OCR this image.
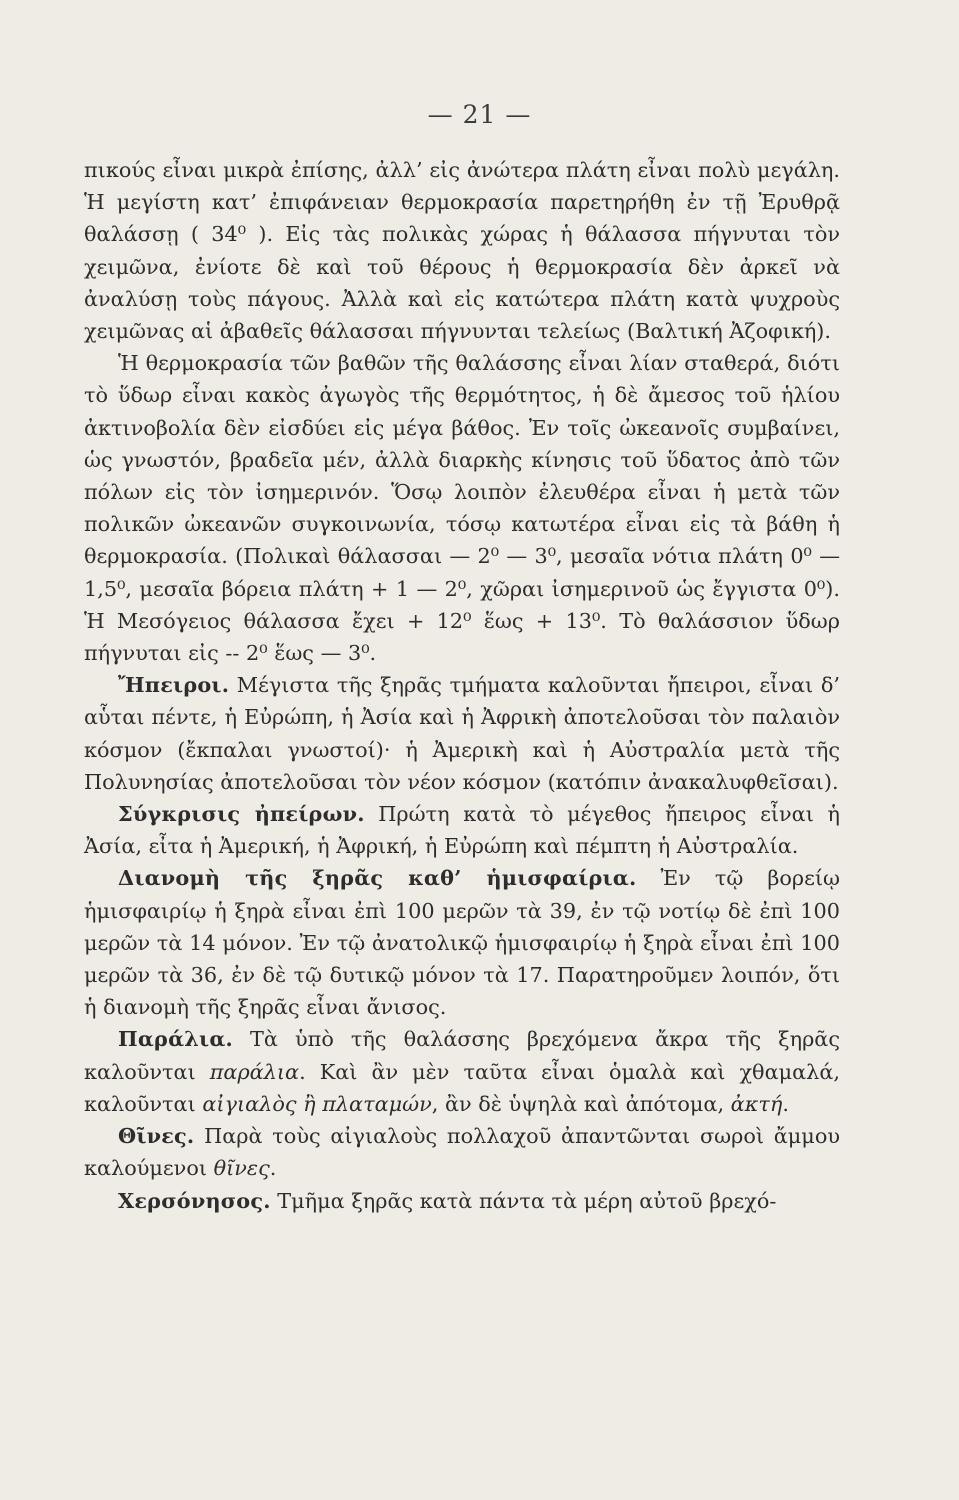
— 21 —

πικούς εἶναι μικρὰ ἐπίσης, ἀλλ’ εἰς ἀνώτερα πλάτη εἶναι πολὺ μεγάλη. Ἡ μεγίστη κατ’ ἐπιφάνειαν θερμοκρασία παρετηρήθη ἐν τῇ Ἐρυθρᾷ θαλάσσῃ ( 34⁰ ). Εἰς τὰς πολικὰς χώρας ἡ θάλασσα πήγνυται τὸν χειμῶνα, ἐνίοτε δὲ καὶ τοῦ θέρους ἡ θερμοκρασία δὲν ἀρκεῖ νὰ ἀναλύσῃ τοὺς πάγους. Ἀλλὰ καὶ εἰς κατώτερα πλάτη κατὰ ψυχροὺς χειμῶνας αἱ ἀβαθεῖς θάλασσαι πήγνυνται τελείως (Βαλτική Ἀζοφική).

Ἡ θερμοκρασία τῶν βαθῶν τῆς θαλάσσης εἶναι λίαν σταθερά, διότι τὸ ὕδωρ εἶναι κακὸς ἀγωγὸς τῆς θερμότητος, ἡ δὲ ἄμεσος τοῦ ἡλίου ἀκτινοβολία δὲν εἰσδύει εἰς μέγα βάθος. Ἐν τοῖς ὠκεανοῖς συμβαίνει, ὡς γνωστόν, βραδεῖα μέν, ἀλλὰ διαρκὴς κίνησις τοῦ ὕδατος ἀπὸ τῶν πόλων εἰς τὸν ἰσημερινόν. Ὅσῳ λοιπὸν ἐλευθέρα εἶναι ἡ μετὰ τῶν πολικῶν ὠκεανῶν συγκοινωνία, τόσῳ κατωτέρα εἶναι εἰς τὰ βάθη ἡ θερμοκρασία. (Πολικαὶ θάλασσαι — 2⁰ — 3⁰, μεσαῖα νότια πλάτη 0⁰ — 1,5⁰, μεσαῖα βόρεια πλάτη + 1 — 2⁰, χῶραι ἰσημερινοῦ ὡς ἔγγιστα 0⁰). Ἡ Μεσόγειος θάλασσα ἔχει + 12⁰ ἕως + 13⁰. Τὸ θαλάσσιον ὕδωρ πήγνυται εἰς -- 2⁰ ἕως — 3⁰.

Ἤπειροι. Μέγιστα τῆς ξηρᾶς τμήματα καλοῦνται ἤπειροι, εἶναι δ’ αὗται πέντε, ἡ Εὐρώπη, ἡ Ἀσία καὶ ἡ Ἀφρικὴ ἀποτελοῦσαι τὸν παλαιὸν κόσμον (ἔκπαλαι γνωστοί)· ἡ Ἀμερικὴ καὶ ἡ Αὐστραλία μετὰ τῆς Πολυνησίας ἀποτελοῦσαι τὸν νέον κόσμον (κατόπιν ἀνακαλυφθεῖσαι).

Σύγκρισις ἠπείρων. Πρώτη κατὰ τὸ μέγεθος ἤπειρος εἶναι ἡ Ἀσία, εἶτα ἡ Ἀμερική, ἡ Ἀφρική, ἡ Εὐρώπη καὶ πέμπτη ἡ Αὐστραλία.

Διανομὴ τῆς ξηρᾶς καθ’ ἡμισφαίρια. Ἐν τῷ βορείῳ ἡμισφαιρίῳ ἡ ξηρὰ εἶναι ἐπὶ 100 μερῶν τὰ 39, ἐν τῷ νοτίῳ δὲ ἐπὶ 100 μερῶν τὰ 14 μόνον. Ἐν τῷ ἀνατολικῷ ἡμισφαιρίῳ ἡ ξηρὰ εἶναι ἐπὶ 100 μερῶν τὰ 36, ἐν δὲ τῷ δυτικῷ μόνον τὰ 17. Παρατηροῦμεν λοιπόν, ὅτι ἡ διανομὴ τῆς ξηρᾶς εἶναι ἄνισος.

Παράλια. Τὰ ὑπὸ τῆς θαλάσσης βρεχόμενα ἄκρα τῆς ξηρᾶς καλοῦνται παράλια. Καὶ ἂν μὲν ταῦτα εἶναι ὁμαλὰ καὶ χθαμαλά, καλοῦνται αἰγιαλὸς ἢ πλαταμών, ἂν δὲ ὑψηλὰ καὶ ἀπότομα, ἀκτή.

Θῖνες. Παρὰ τοὺς αἰγιαλοὺς πολλαχοῦ ἀπαντῶνται σωροὶ ἄμμου καλούμενοι θῖνες.

Χερσόνησος. Τμῆμα ξηρᾶς κατὰ πάντα τὰ μέρη αὐτοῦ βρεχό-
